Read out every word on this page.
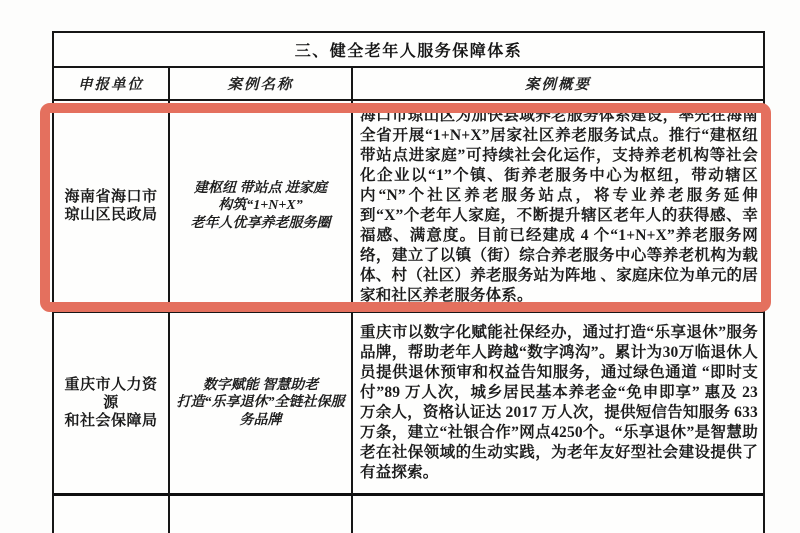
三、健全老年人服务保障体系
申报单位	案例名称	案例概要
海南省海口市
琼山区民政局
建枢纽 带站点 进家庭
构筑“1+N+X”
老年人优享养老服务圈
海口市琼山区为加快县域养老服务体系建设，率先在海南全省开展“1+N+X”居家社区养老服务试点。推行“建枢纽带站点进家庭”可持续社会化运作，支持养老机构等社会化企业以“1”个镇、街养老服务中心为枢纽，带动辖区内“N”个社区养老服务站点，将专业养老服务延伸到“X”个老年人家庭，不断提升辖区老年人的获得感、幸福感、满意度。目前已经建成 4 个“1+N+X”养老服务网络，建立了以镇（街）综合养老服务中心等养老机构为载体、村（社区）养老服务站为阵地 、家庭床位为单元的居家和社区养老服务体系。
重庆市人力资源
和社会保障局
数字赋能 智慧助老
打造“乐享退休”全链社保服
务品牌
重庆市以数字化赋能社保经办，通过打造“乐享退休”服务品牌，帮助老年人跨越“数字鸿沟”。累计为30万临退休人员提供退休预审和权益告知服务，通过绿色通道 “即时支付”89 万人次，城乡居民基本养老金“免申即享” 惠及 23 万余人，资格认证达 2017 万人次，提供短信告知服务 633 万条，建立“社银合作”网点4250个。“乐享退休”是智慧助老在社保领域的生动实践，为老年友好型社会建设提供了有益探索。
